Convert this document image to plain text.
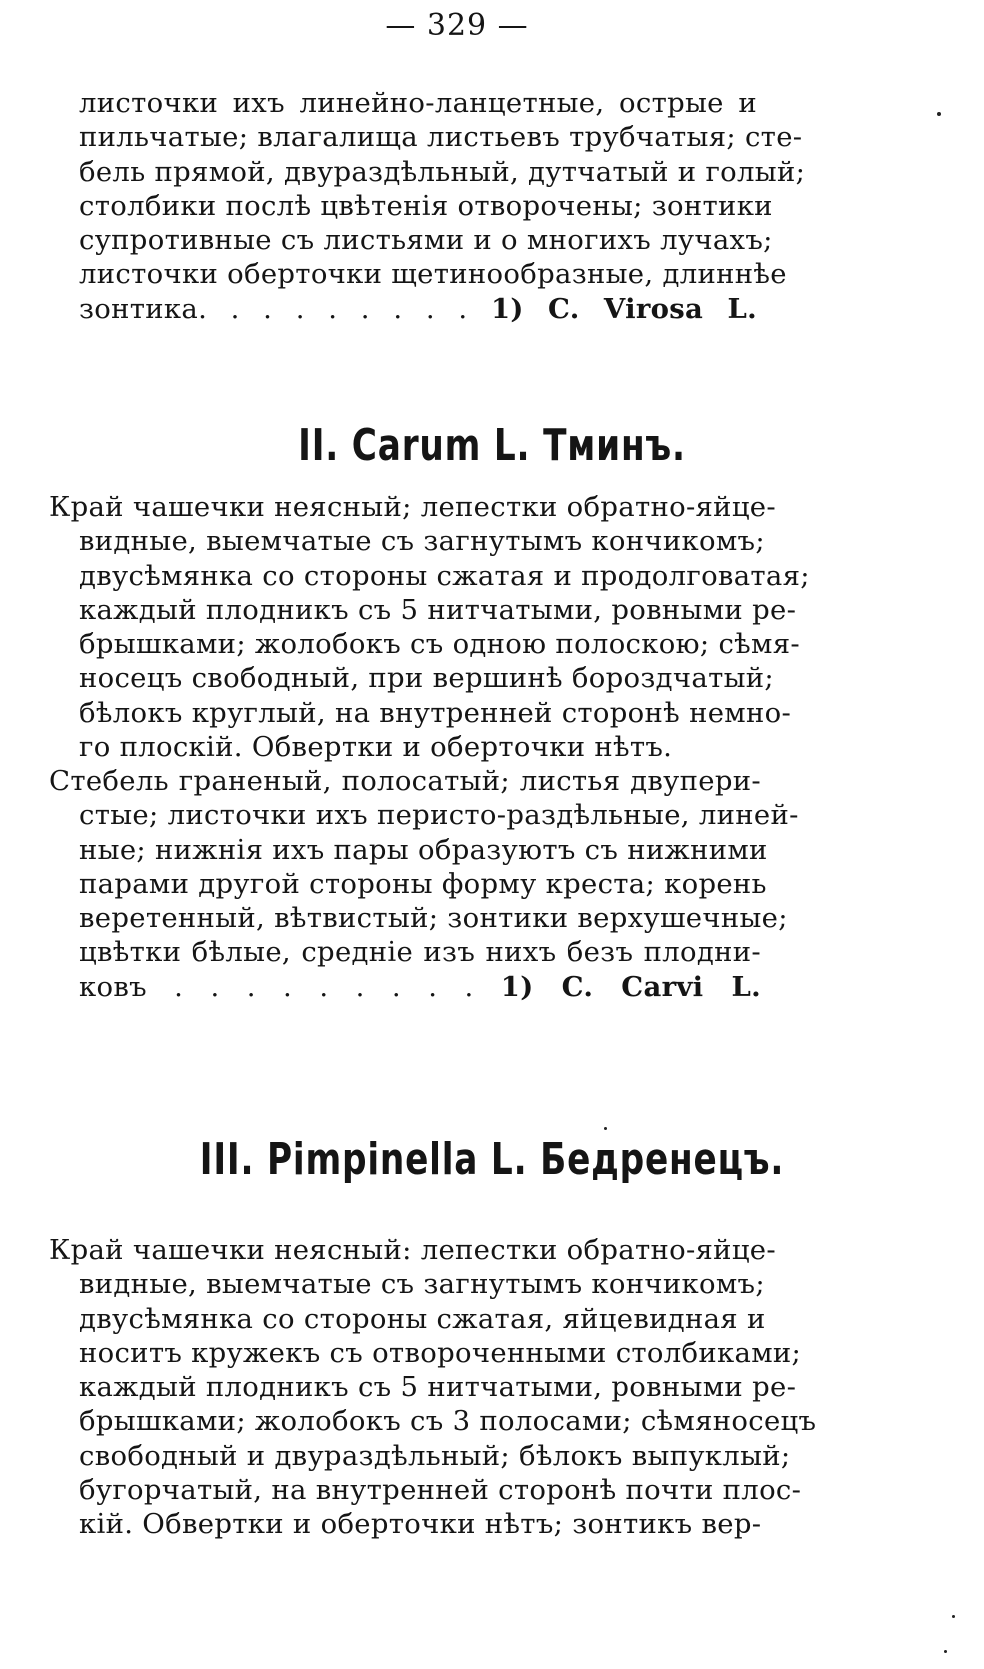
— 329 —
листочки ихъ линейно-ланцетные, острые и
пильчатые; влагалища листьевъ трубчатыя; сте-
бель прямой, двураздѣльный, дутчатый и голый;
столбики послѣ цвѣтенія отворочены; зонтики
супротивные съ листьями и о многихъ лучахъ;
листочки оберточки щетинообразные, длиннѣе
зонтика. . . . . . . . . 1) C. Virosa L.
II. Carum L. Тминъ.
Край чашечки неясный; лепестки обратно-яйце-
видные, выемчатые съ загнутымъ кончикомъ;
двусѣмянка со стороны сжатая и продолговатая;
каждый плодникъ съ 5 нитчатыми, ровными ре-
брышками; жолобокъ съ одною полоскою; сѣмя-
носецъ свободный, при вершинѣ бороздчатый;
бѣлокъ круглый, на внутренней сторонѣ немно-
го плоскій. Обвертки и оберточки нѣтъ.
Стебель граненый, полосатый; листья двупери-
стые; листочки ихъ перисто-раздѣльные, линей-
ные; нижнія ихъ пары образуютъ съ нижними
парами другой стороны форму креста; корень
веретенный, вѣтвистый; зонтики верхушечные;
цвѣтки бѣлые, средніе изъ нихъ безъ плодни-
ковъ . . . . . . . . . 1) C. Carvi L.
III. Pimpinella L. Бедренецъ.
Край чашечки неясный: лепестки обратно-яйце-
видные, выемчатые съ загнутымъ кончикомъ;
двусѣмянка со стороны сжатая, яйцевидная и
носитъ кружекъ съ отвороченными столбиками;
каждый плодникъ съ 5 нитчатыми, ровными ре-
брышками; жолобокъ съ 3 полосами; сѣмяносецъ
свободный и двураздѣльный; бѣлокъ выпуклый;
бугорчатый, на внутренней сторонѣ почти плос-
кій. Обвертки и оберточки нѣтъ; зонтикъ вер-
